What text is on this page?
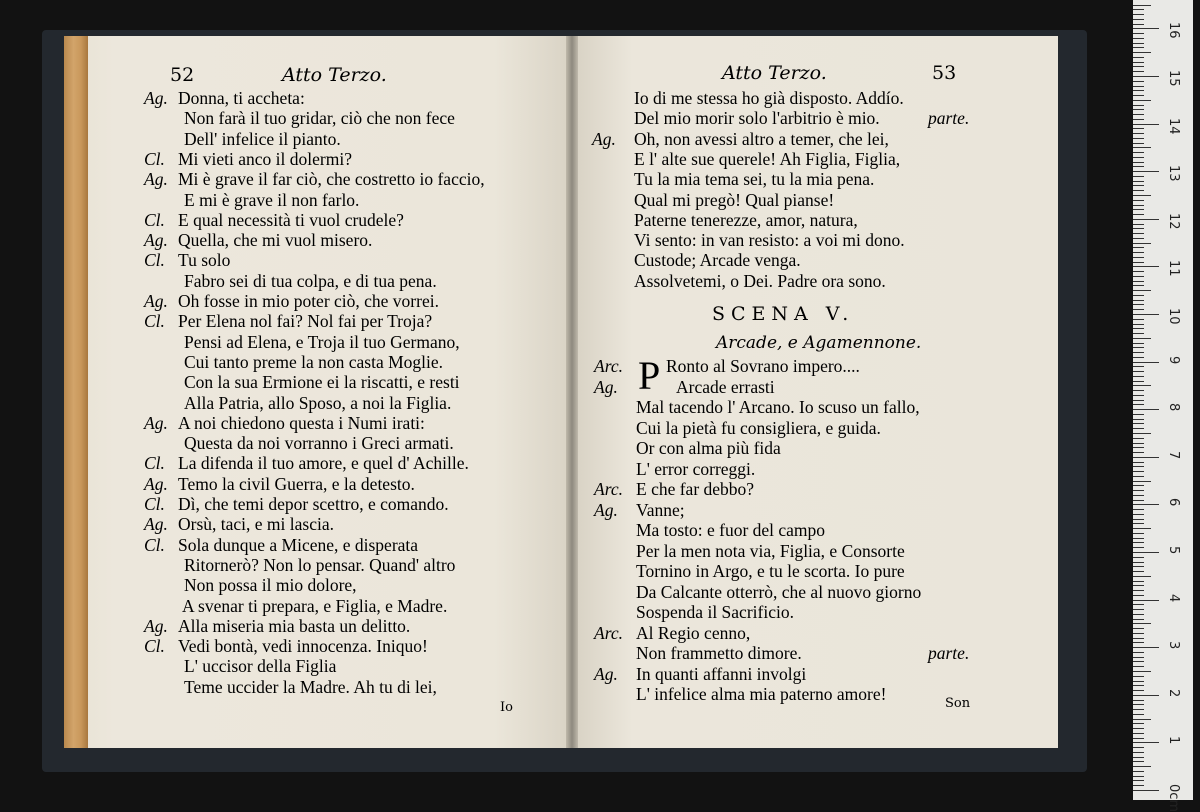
52	Atto Terzo.
Io
Atto Terzo.	53
SCENA V.
Arcade, e Agamennone.
P
Son
Ag. Donna, ti accheta:
Non farà il tuo gridar, ciò che non fece
Dell' infelice il pianto.
Cl. Mi vieti anco il dolermi?
Ag. Mi è grave il far ciò, che costretto io faccio,
E mi è grave il non farlo.
Cl. E qual necessità ti vuol crudele?
Ag. Quella, che mi vuol misero.
Cl. Tu solo
Fabro sei di tua colpa, e di tua pena.
Ag. Oh fosse in mio poter ciò, che vorrei.
Cl. Per Elena nol fai? Nol fai per Troja?
Pensi ad Elena, e Troja il tuo Germano,
Cui tanto preme la non casta Moglie.
Con la sua Ermione ei la riscatti, e resti
Alla Patria, allo Sposo, a noi la Figlia.
Ag. A noi chiedono questa i Numi irati:
Questa da noi vorranno i Greci armati.
Cl. La difenda il tuo amore, e quel d' Achille.
Ag. Temo la civil Guerra, e la detesto.
Cl. Dì, che temi depor scettro, e comando.
Ag. Orsù, taci, e mi lascia.
Cl. Sola dunque a Micene, e disperata
Ritornerò? Non lo pensar. Quand' altro
Non possa il mio dolore,
A svenar ti prepara, e Figlia, e Madre.
Ag. Alla miseria mia basta un delitto.
Cl. Vedi bontà, vedi innocenza. Iniquo!
L' uccisor della Figlia
Teme uccider la Madre. Ah tu di lei,
Io di me stessa ho già disposto. Addío.
Del mio morir solo l'arbitrio è mio.	parte.
Ag. Oh, non avessi altro a temer, che lei,
E l' alte sue querele! Ah Figlia, Figlia,
Tu la mia tema sei, tu la mia pena.
Qual mi pregò! Qual pianse!
Paterne tenerezze, amor, natura,
Vi sento: in van resisto: a voi mi dono.
Custode; Arcade venga.
Assolvetemi, o Dei. Padre ora sono.
Arc. Ronto al Sovrano impero....
Ag.	Arcade errasti
Mal tacendo l' Arcano. Io scuso un fallo,
Cui la pietà fu consigliera, e guida.
Or con alma più fida
L' error correggi.
Arc. E che far debbo?
Ag. Vanne;
Ma tosto: e fuor del campo
Per la men nota via, Figlia, e Consorte
Tornino in Argo, e tu le scorta. Io pure
Da Calcante otterrò, che al nuovo giorno
Sospenda il Sacrificio.
Arc. Al Regio cenno,
Non frammetto dimore.	parte.
Ag. In quanti affanni involgi
L' infelice alma mia paterno amore!
16
15
14
13
12
11
10
9
8
7
6
5
4
3
2
1
0cm
